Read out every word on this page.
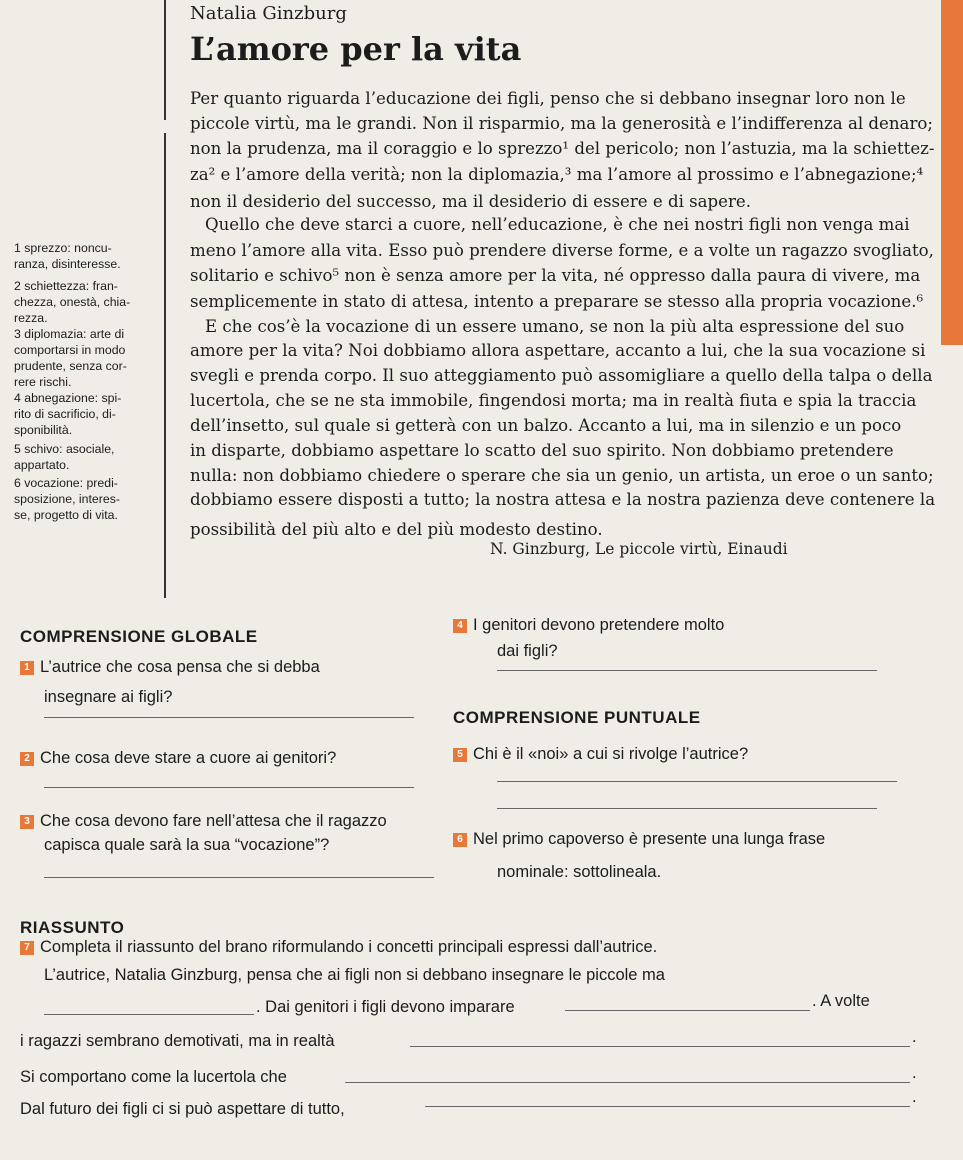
Natalia Ginzburg
L’amore per la vita
Per quanto riguarda l’educazione dei figli, penso che si debbano insegnar loro non le
piccole virtù, ma le grandi. Non il risparmio, ma la generosità e l’indifferenza al denaro;
non la prudenza, ma il coraggio e lo sprezzo¹ del pericolo; non l’astuzia, ma la schiettez-
za² e l’amore della verità; non la diplomazia,³ ma l’amore al prossimo e l’abnegazione;⁴
non il desiderio del successo, ma il desiderio di essere e di sapere.
Quello che deve starci a cuore, nell’educazione, è che nei nostri figli non venga mai
meno l’amore alla vita. Esso può prendere diverse forme, e a volte un ragazzo svogliato,
solitario e schivo⁵ non è senza amore per la vita, né oppresso dalla paura di vivere, ma
semplicemente in stato di attesa, intento a preparare se stesso alla propria vocazione.⁶
E che cos’è la vocazione di un essere umano, se non la più alta espressione del suo
amore per la vita? Noi dobbiamo allora aspettare, accanto a lui, che la sua vocazione si
svegli e prenda corpo. Il suo atteggiamento può assomigliare a quello della talpa o della
lucertola, che se ne sta immobile, fingendosi morta; ma in realtà fiuta e spia la traccia
dell’insetto, sul quale si getterà con un balzo. Accanto a lui, ma in silenzio e un poco
in disparte, dobbiamo aspettare lo scatto del suo spirito. Non dobbiamo pretendere
nulla: non dobbiamo chiedere o sperare che sia un genio, un artista, un eroe o un santo;
dobbiamo essere disposti a tutto; la nostra attesa e la nostra pazienza deve contenere la
possibilità del più alto e del più modesto destino.
1 sprezzo: noncu-
ranza, disinteresse.
2 schiettezza: fran-
chezza, onestà, chia-
rezza.
3 diplomazia: arte di
comportarsi in modo
prudente, senza cor-
rere rischi.
4 abnegazione: spi-
rito di sacrificio, di-
sponibilità.
5 schivo: asociale,
appartato.
6 vocazione: predi-
sposizione, interes-
se, progetto di vita.
N. Ginzburg, Le piccole virtù, Einaudi
COMPRENSIONE GLOBALE
1 L’autrice che cosa pensa che si debba
insegnare ai figli?
2 Che cosa deve stare a cuore ai genitori?
3 Che cosa devono fare nell’attesa che il ragazzo
capisca quale sarà la sua “vocazione”?
4 I genitori devono pretendere molto
dai figli?
COMPRENSIONE PUNTUALE
5 Chi è il «noi» a cui si rivolge l’autrice?
6 Nel primo capoverso è presente una lunga frase
nominale: sottolineala.
RIASSUNTO
7 Completa il riassunto del brano riformulando i concetti principali espressi dall’autrice.
L’autrice, Natalia Ginzburg, pensa che ai figli non si debbano insegnare le piccole ma
. Dai genitori i figli devono imparare	. A volte
i ragazzi sembrano demotivati, ma in realtà	.
Si comportano come la lucertola che	.
Dal futuro dei figli ci si può aspettare di tutto,
.
